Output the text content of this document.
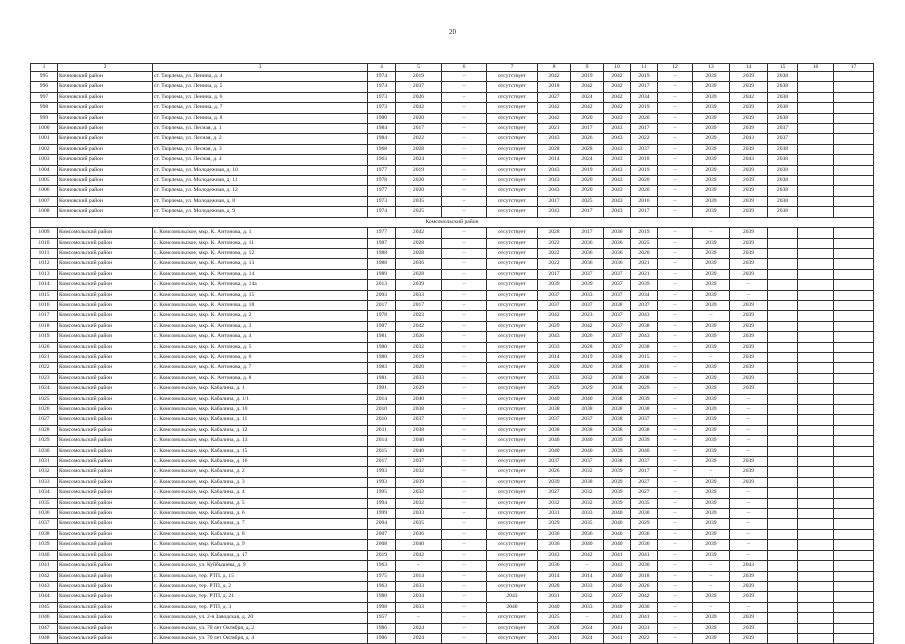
20
1	2	3	4	5	6	7	8	9	10	11	12	13	14	15	16	17
995	Кочновский район	ст. Тюрлема, ул. Ленина, д. 4	1974	2019	–	отсутствует	2042	2019	2042	2019	–	2039	2039	2038		
996	Кочновский район	ст. Тюрлема, ул. Ленина, д. 5	1974	2037	–	отсутствует	2018	2042	2042	2017	–	2039	2039	2038		
997	Кочновский район	ст. Тюрлема, ул. Ленина, д. 6	1973	2026	–	отсутствует	2027	2024	2042	2034	–	2039	2042	2038		
998	Кочновский район	ст. Тюрлема, ул. Ленина, д. 7	1973	2042	–	отсутствует	2042	2042	2042	2019	–	2039	2039	2038		
999	Кочновский район	ст. Тюрлема, ул. Ленина, д. 8	1980	2020	–	отсутствует	2042	2020	2043	2020	–	2039	2039	2038		
1000	Кочновский район	ст. Тюрлема, ул. Лесная, д. 1	1984	2017	–	отсутствует	2021	2017	2043	2017	–	2039	2039	2037		
1001	Кочновский район	ст. Тюрлема, ул. Лесная, д. 2	1984	2022	–	отсутствует	2043	2026	2043	2022	–	2039	2043	2037		
1002	Кочновский район	ст. Тюрлема, ул. Лесная, д. 3	1968	2028	–	отсутствует	2028	2028	2043	2037	–	2039	2039	2038		
1003	Кочновский район	ст. Тюрлема, ул. Лесная, д. 4	1963	2024	–	отсутствует	2014	2024	2043	2018	–	2039	2043	2038		
1004	Кочновский район	ст. Тюрлема, ул. Молодежная, д. 10	1977	2019	–	отсутствует	2043	2019	2043	2019	–	2039	2039	2038		
1005	Кочновский район	ст. Тюрлема, ул. Молодежная, д. 11	1978	2020	–	отсутствует	2043	2020	2043	2020	–	2039	2039	2038		
1006	Кочновский район	ст. Тюрлема, ул. Молодежная, д. 12	1977	2020	–	отсутствует	2043	2020	2043	2020	–	2039	2039	2038		
1007	Кочновский район	ст. Тюрлема, ул. Молодежная, д. 8	1973	2035	–	отсутствует	2017	2025	2043	2016	–	2039	2039	2038		
1008	Кочновский район	ст. Тюрлема, ул. Молодежная, д. 9	1974	2025	–	отсутствует	2043	2017	2043	2017	–	2039	2039	2038		
Комсомольский район																
1009	Комсомольский район	с. Комсомольское, мкр. К. Антонова, д. 1	1977	2042	–	отсутствует	2028	2017	2036	2019	–	–	2039			
1010	Комсомольский район	с. Комсомольское, мкр. К. Антонова, д. 11	1987	2028	–	отсутствует	2022	2036	2036	2025	–	2039	2039			
1011	Комсомольский район	с. Комсомольское, мкр. К. Антонова, д. 12	1988	2028	–	отсутствует	2022	2036	2036	2020	–	2039	2039			
1012	Комсомольский район	с. Комсомольское, мкр. К. Антонова, д. 13	1988	2036	–	отсутствует	2022	2036	2036	2021	–	2039	2039			
1013	Комсомольский район	с. Комсомольское, мкр. К. Антонова, д. 14	1989	2028	–	отсутствует	2017	2037	2037	2021	–	2039	2039			
1014	Комсомольский район	с. Комсомольское, мкр. К. Антонова, д. 14а	2013	2039	–	отсутствует	2039	2039	2037	2039	–	2039	–			
1015	Комсомольский район	с. Комсомольское, мкр. К. Антонова, д. 15	2003	2033	–	отсутствует	2037	2033	2037	2034	–	2039	–			
1016	Комсомольский район	с. Комсомольское, мкр. К. Антонова, д. 18	2017	2017	–	отсутствует	2037	2037	2038	2037	–	2039	2039			
1017	Комсомольский район	с. Комсомольское, мкр. К. Антонова, д. 2	1978	2023	–	отсутствует	2042	2023	2037	2043	–	–	2039			
1018	Комсомольский район	с. Комсомольское, мкр. К. Антонова, д. 3	1987	2042	–	отсутствует	2029	2042	2037	2038	–	2039	2039			
1019	Комсомольский район	с. Комсомольское, мкр. К. Антонова, д. 4	1981	2026	–	отсутствует	2043	2026	2037	2043	–	2039	2039			
1020	Комсомольский район	с. Комсомольское, мкр. К. Антонова, д. 5	1980	2032	–	отсутствует	2033	2028	2037	2038	–	2039	2039			
1021	Комсомольский район	с. Комсомольское, мкр. К. Антонова, д. 6	1980	2019	–	отсутствует	2014	2019	2038	2015	–	–	2039			
1022	Комсомольский район	с. Комсомольское, мкр. К. Антонова, д. 7	1983	2020	–	отсутствует	2020	2020	2038	2016	–	2039	2039			
1023	Комсомольский район	с. Комсомольское, мкр. К. Антонова, д. 8	1981	2033	–	отсутствует	2033	2032	2038	2038	–	2039	2039			
1024	Комсомольский район	с. Комсомольское, мкр. Кабалина, д. 1	1991	2029	–	отсутствует	2029	2029	2038	2029	–	2039	2039			
1025	Комсомольский район	с. Комсомольское, мкр. Кабалина, д. 1/1	2014	2040	–	отсутствует	2040	2040	2038	2039	–	2039	–			
1026	Комсомольский район	с. Комсомольское, мкр. Кабалина, д. 10	2010	2038	–	отсутствует	2038	2038	2038	2038	–	2039	–			
1027	Комсомольский район	с. Комсомольское, мкр. Кабалина, д. 11	2010	2037	–	отсутствует	2037	2037	2038	2037	–	2039	–			
1028	Комсомольский район	с. Комсомольское, мкр. Кабалина, д. 12	2011	2038	–	отсутствует	2038	2038	2038	2038	–	2039	–			
1029	Комсомольский район	с. Комсомольское, мкр. Кабалина, д. 13	2014	2040	–	отсутствует	2040	2040	2039	2039	–	2039	–			
1030	Комсомольский район	с. Комсомольское, мкр. Кабалина, д. 15	2015	2040	–	отсутствует	2040	2040	2039	2040	–	2039	–			
1031	Комсомольский район	с. Комсомольское, мкр. Кабалина, д. 16	2017	2037	–	отсутствует	2037	2037	2038	2037	–	2039	2039			
1032	Комсомольский район	с. Комсомольское, мкр. Кабалина, д. 2	1993	2032	–	отсутствует	2026	2032	2039	2017	–	–	2039			
1033	Комсомольский район	с. Комсомольское, мкр. Кабалина, д. 3	1993	2039	–	отсутствует	2039	2038	2039	2027	–	2039	2039			
1034	Комсомольский район	с. Комсомольское, мкр. Кабалина, д. 4	1995	2032	–	отсутствует	2027	2032	2039	2027	–	2039	–			
1035	Комсомольский район	с. Комсомольское, мкр. Кабалина, д. 5	1994	2032	–	отсутствует	2032	2032	2039	2035	–	2039	–			
1036	Комсомольский район	с. Комсомольское, мкр. Кабалина, д. 6	1999	2033	–	отсутствует	2031	2033	2040	2030	–	2039	–			
1037	Комсомольский район	с. Комсомольское, мкр. Кабалина, д. 7	2004	2035	–	отсутствует	2029	2035	2040	2029	–	2039	–			
1038	Комсомольский район	с. Комсомольское, мкр. Кабалина, д. 8	2007	2036	–	отсутствует	2036	2036	2040	2036	–	2039	–			
1039	Комсомольский район	с. Комсомольское, мкр. Кабалина, д. 9	2008	2040	–	отсутствует	2036	2040	2040	2036	–	2039	–			
1040	Комсомольский район	с. Комсомольское, мкр. Кабалина, д. 17	2019	2042	–	отсутствует	2043	2042	2041	2041	–	2039	–			
1041	Комсомольский район	с. Комсомольское, ул. Куйбышева, д. 9	1963	–	–	отсутствует	2036	–	2043	2030	–	–	2043			
1042	Комсомольский район	с. Комсомольское, тер. РТП, д. 15	1975	2014	–	отсутствует	2014	2014	2040	2018	–	–	2039			
1043	Комсомольский район	с. Комсомольское, тер. РТП, д. 2	1963	2033	–	отсутствует	2028	2033	2040	2026	–	–	2039			
1044	Комсомольский район	с. Комсомольское, тер. РТП, д. 21	1980	2034	–	2043	2031	2032	2037	2042	–	2039	2039			
1045	Комсомольский район	с. Комсомольское, тер. РТП, д. 3	1998	2033	–	2040	2040	2033	2040	2030	–	–	–			
1046	Комсомольский район	с. Комсомольское, ул. 2-я Заводская, д. 20	1957	–	–	отсутствует	2025	–	2041	2041	–	2039	2039			
1047	Комсомольский район	с. Комсомольское, ул. 70 лет Октября, д. 2	1986	2024	–	отсутствует	2028	2024	2041	2031	–	2039	2039			
1048	Комсомольский район	с. Комсомольское, ул. 70 лет Октября, д. 4	1986	2024	–	отсутствует	2041	2024	2041	2022	–	2039	2039			
